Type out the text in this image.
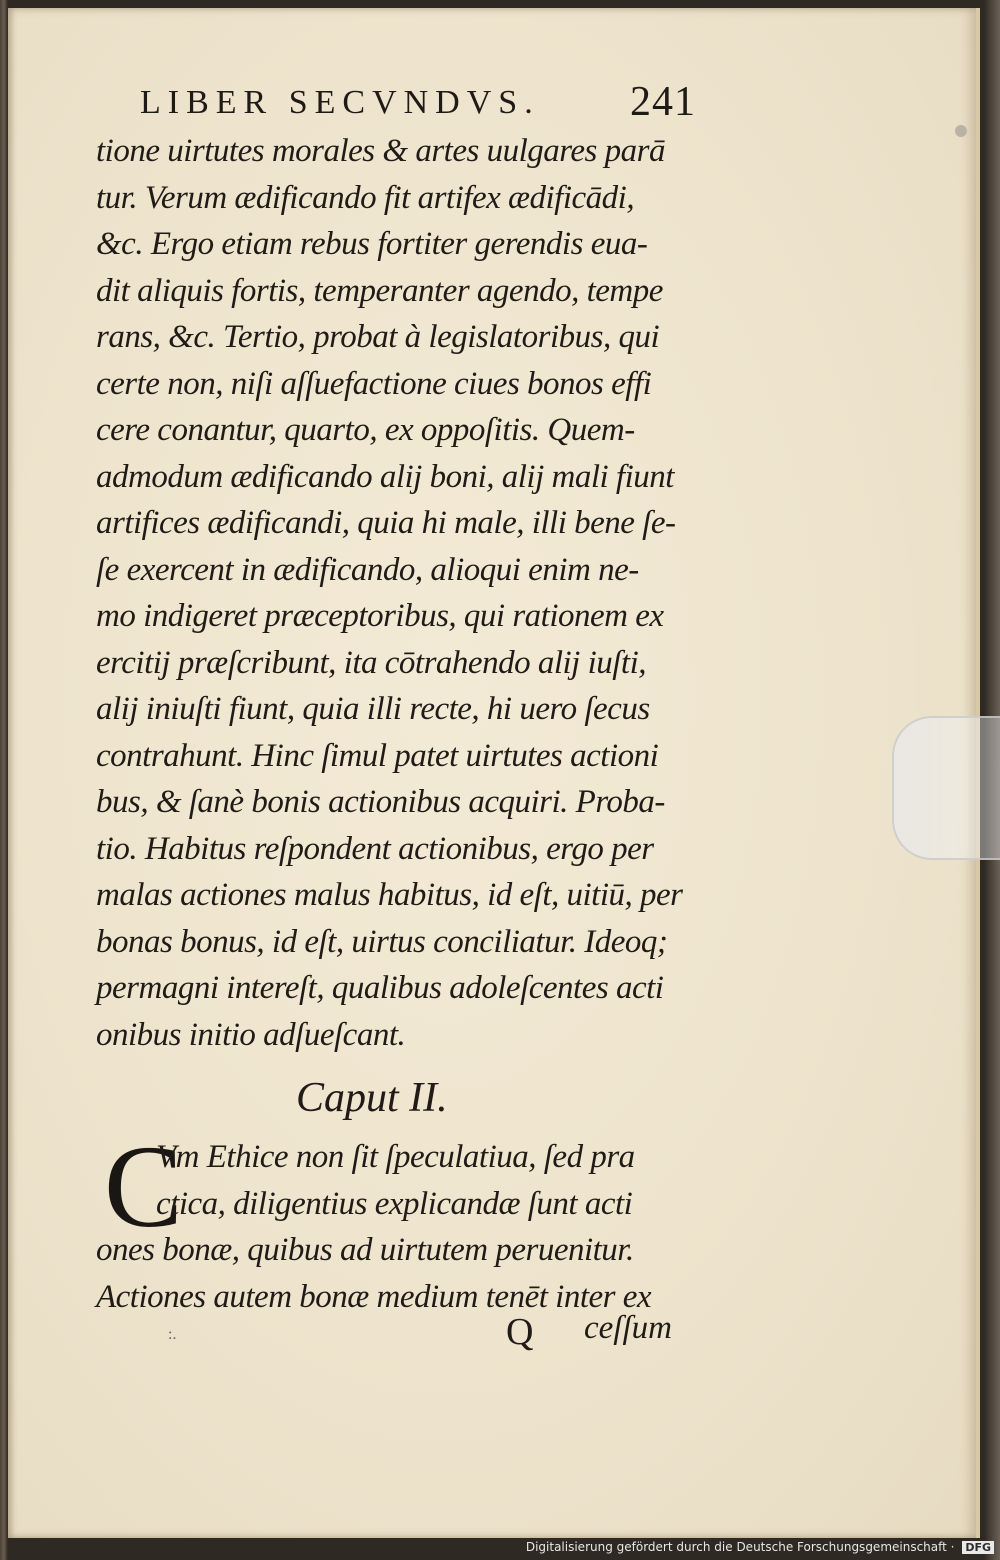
LIBER SECVNDVS. 241
tione uirtutes morales & artes uulgares parā
tur. Verum ædificando fit artifex ædificādi,
&c. Ergo etiam rebus fortiter gerendis eua-
dit aliquis fortis, temperanter agendo, tempe
rans, &c. Tertio, probat à legislatoribus, qui
certe non, niſi aſſuefactione ciues bonos effi
cere conantur, quarto, ex oppoſitis. Quem-
admodum ædificando alij boni, alij mali fiunt
artifices ædificandi, quia hi male, illi bene ſe-
ſe exercent in ædificando, alioqui enim ne-
mo indigeret præceptoribus, qui rationem ex
ercitij præſcribunt, ita cōtrahendo alij iuſti,
alij iniuſti fiunt, quia illi recte, hi uero ſecus
contrahunt. Hinc ſimul patet uirtutes actioni
bus, & ſanè bonis actionibus acquiri. Proba-
tio. Habitus reſpondent actionibus, ergo per
malas actiones malus habitus, id eſt, uitiū, per
bonas bonus, id eſt, uirtus conciliatur. Ideoq;
permagni intereſt, qualibus adoleſcentes acti
onibus initio adſueſcant.
Caput II.
C
Vm Ethice non ſit ſpeculatiua, ſed pra
ctica, diligentius explicandæ ſunt acti
ones bonæ, quibus ad uirtutem peruenitur.
Actiones autem bonæ medium tenēt inter ex
:.	Q ceſſum
Digitalisierung gefördert durch die Deutsche Forschungsgemeinschaft · DFG
